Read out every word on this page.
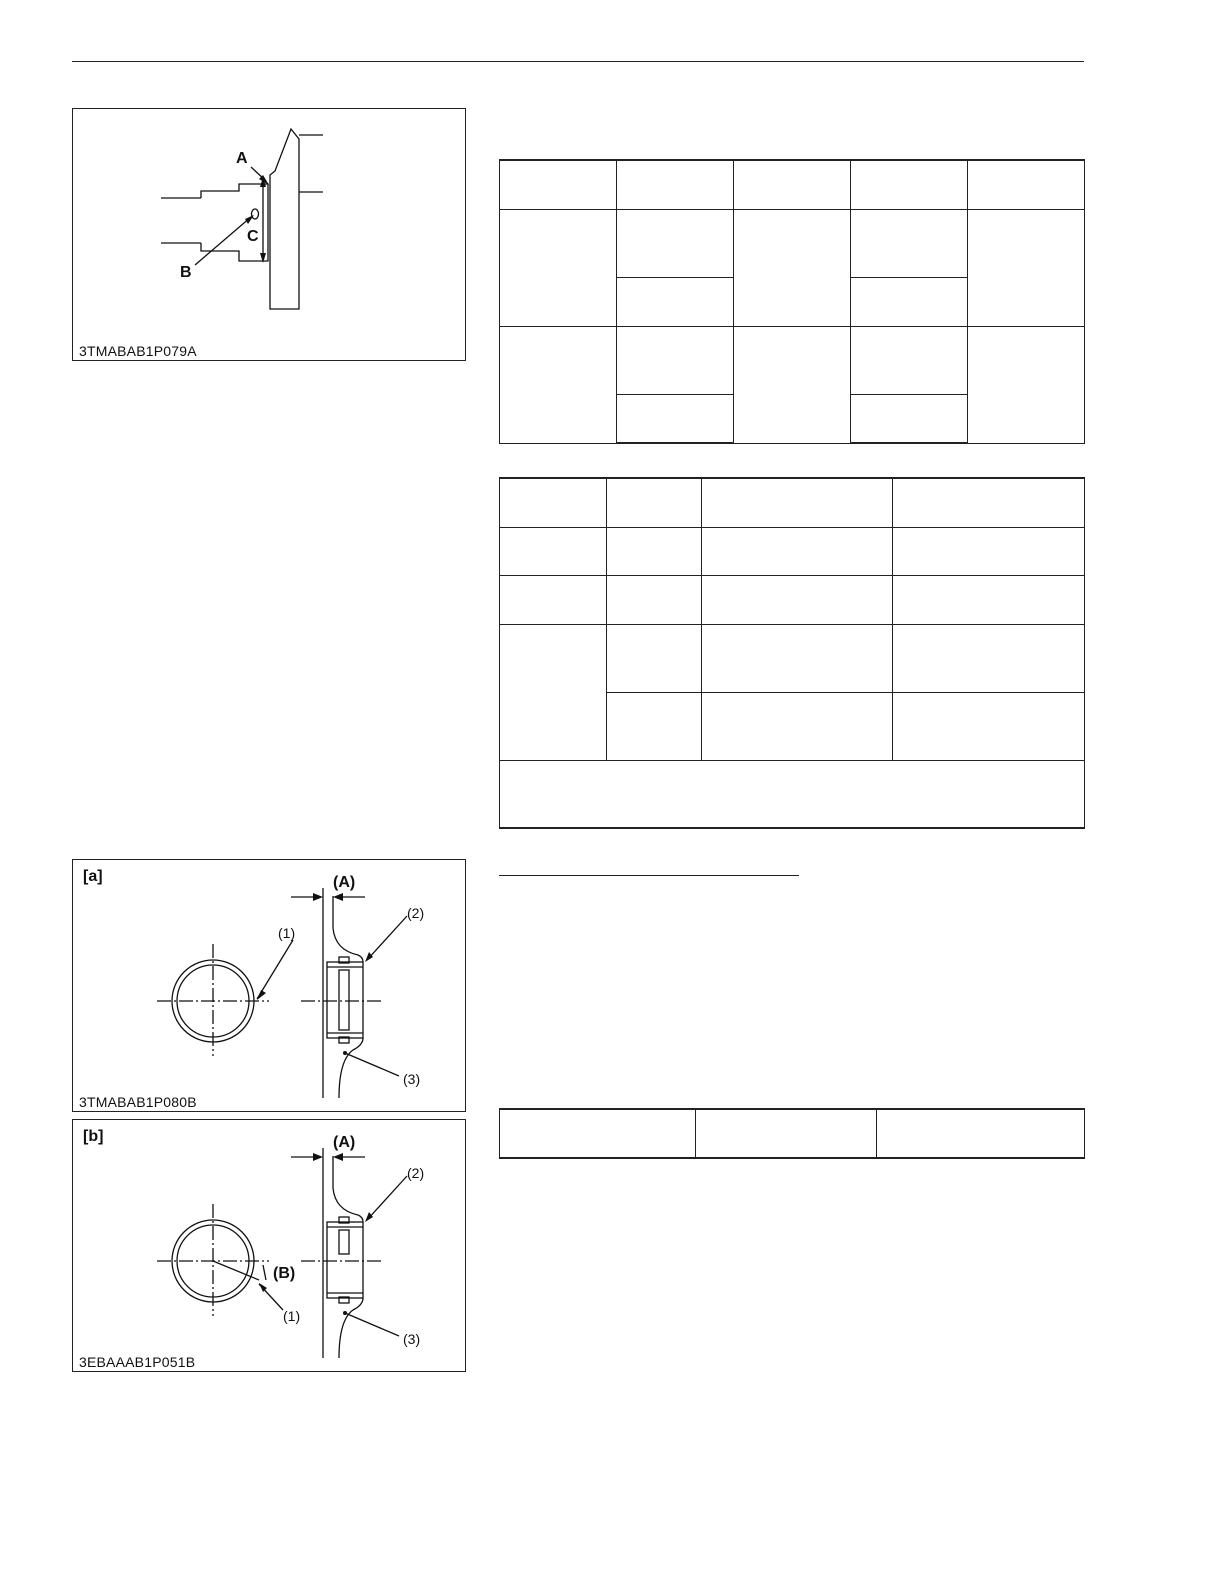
A
C
B
3TMABAB1P079A
(A)
(1)
(2)
(3)
[a]
3TMABAB1P080B
(A)
(B)
(1)
(2)
(3)
[b]
3EBAAAB1P051B
